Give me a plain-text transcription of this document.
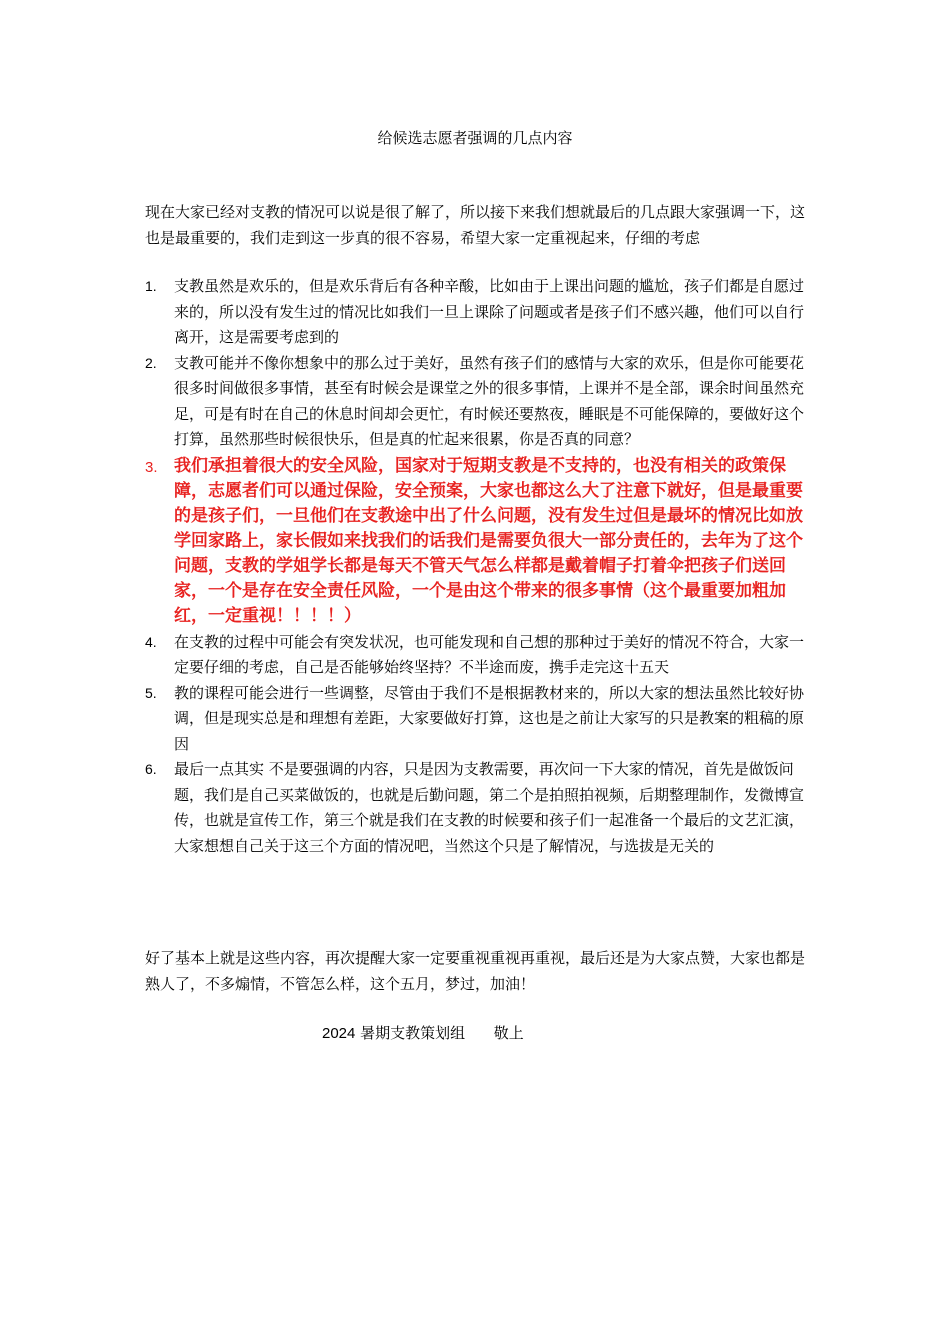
给候选志愿者强调的几点内容

现在大家已经对支教的情况可以说是很了解了，所以接下来我们想就最后的几点跟大家强调一下，这也是最重要的，我们走到这一步真的很不容易，希望大家一定重视起来，仔细的考虑

1. 支教虽然是欢乐的，但是欢乐背后有各种辛酸，比如由于上课出问题的尴尬，孩子们都是自愿过来的，所以没有发生过的情况比如我们一旦上课除了问题或者是孩子们不感兴趣，他们可以自行离开，这是需要考虑到的
2. 支教可能并不像你想象中的那么过于美好，虽然有孩子们的感情与大家的欢乐，但是你可能要花很多时间做很多事情，甚至有时候会是课堂之外的很多事情，上课并不是全部，课余时间虽然充足，可是有时在自己的休息时间却会更忙，有时候还要熬夜，睡眠是不可能保障的，要做好这个打算，虽然那些时候很快乐，但是真的忙起来很累，你是否真的同意？
3. 我们承担着很大的安全风险，国家对于短期支教是不支持的，也没有相关的政策保障，志愿者们可以通过保险，安全预案，大家也都这么大了注意下就好，但是最重要的是孩子们，一旦他们在支教途中出了什么问题，没有发生过但是最坏的情况比如放学回家路上，家长假如来找我们的话我们是需要负很大一部分责任的，去年为了这个问题，支教的学姐学长都是每天不管天气怎么样都是戴着帽子打着伞把孩子们送回家，一个是存在安全责任风险，一个是由这个带来的很多事情（这个最重要加粗加红，一定重视！！！！）
4. 在支教的过程中可能会有突发状况，也可能发现和自己想的那种过于美好的情况不符合，大家一定要仔细的考虑，自己是否能够始终坚持？不半途而废，携手走完这十五天
5. 教的课程可能会进行一些调整，尽管由于我们不是根据教材来的，所以大家的想法虽然比较好协调，但是现实总是和理想有差距，大家要做好打算，这也是之前让大家写的只是教案的粗稿的原因
6. 最后一点其实 不是要强调的内容，只是因为支教需要，再次问一下大家的情况，首先是做饭问题，我们是自己买菜做饭的，也就是后勤问题，第二个是拍照拍视频，后期整理制作，发微博宣传，也就是宣传工作，第三个就是我们在支教的时候要和孩子们一起准备一个最后的文艺汇演，大家想想自己关于这三个方面的情况吧，当然这个只是了解情况，与选拔是无关的

好了基本上就是这些内容，再次提醒大家一定要重视重视再重视，最后还是为大家点赞，大家也都是熟人了，不多煽情，不管怎么样，这个五月，梦过，加油！

2024 暑期支教策划组 敬上
